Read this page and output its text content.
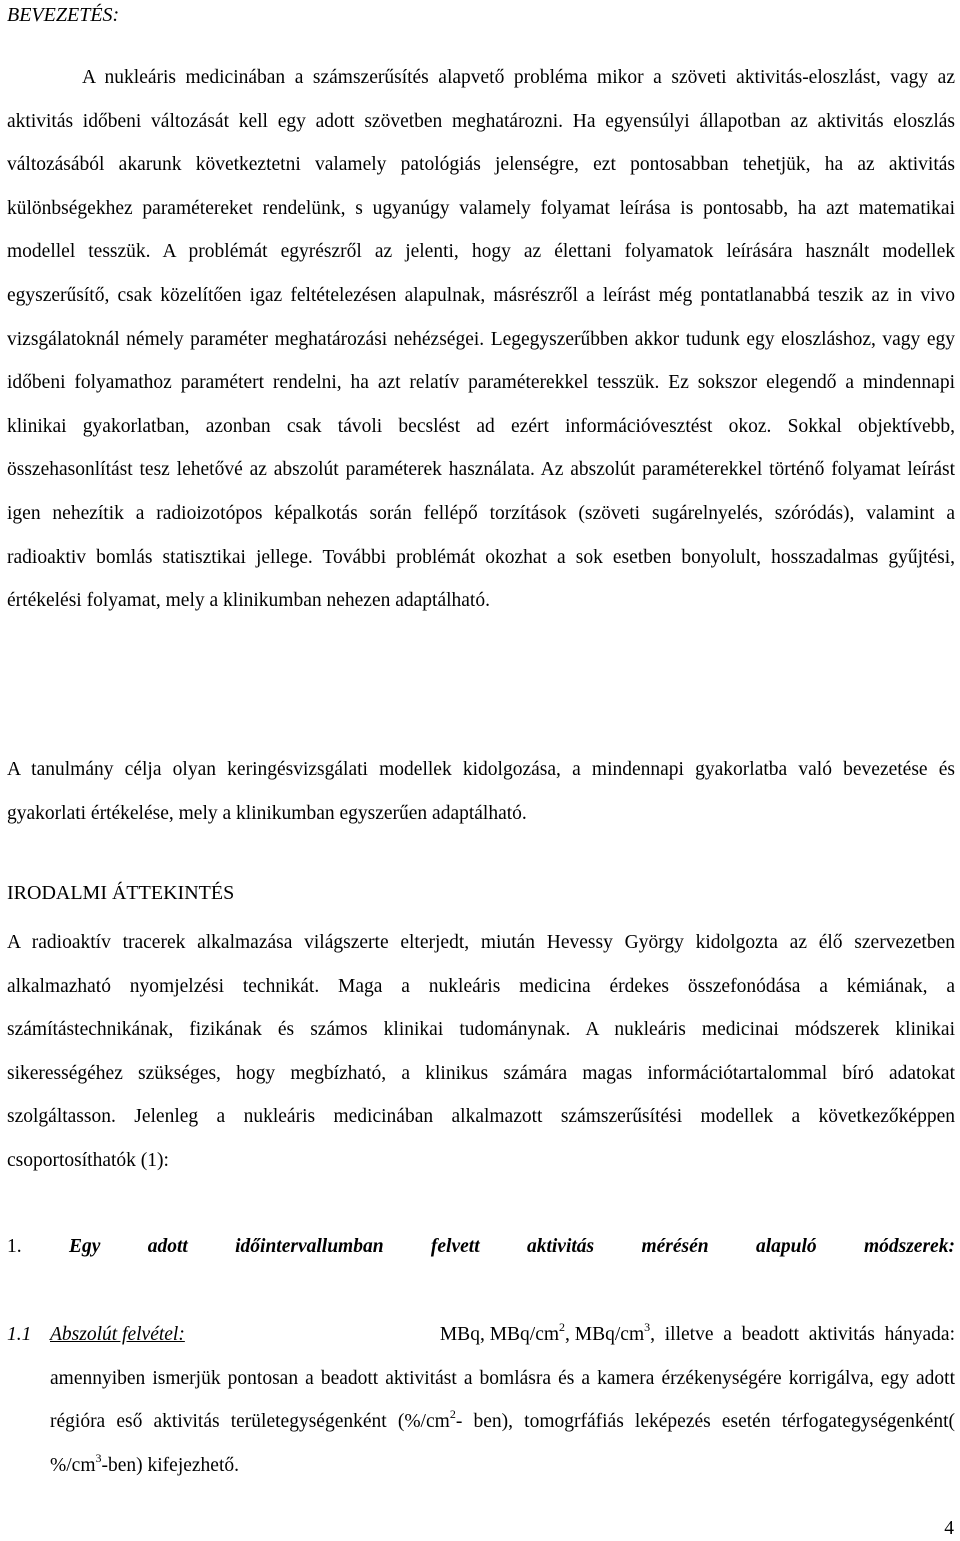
BEVEZETÉS:

A nukleáris medicinában a számszerűsítés alapvető probléma mikor a szöveti aktivitás-eloszlást, vagy az aktivitás időbeni változását kell egy adott szövetben meghatározni. Ha egyensúlyi állapotban az aktivitás eloszlás változásából akarunk következtetni valamely patológiás jelenségre, ezt pontosabban tehetjük, ha az aktivitás különbségekhez paramétereket rendelünk, s ugyanúgy valamely folyamat leírása is pontosabb, ha azt matematikai modellel tesszük. A problémát egyrészről az jelenti, hogy az élettani folyamatok leírására használt modellek egyszerűsítő, csak közelítően igaz feltételezésen alapulnak, másrészről a leírást még pontatlanabbá teszik az in vivo vizsgálatoknál némely paraméter meghatározási nehézségei. Legegyszerűbben akkor tudunk egy eloszláshoz, vagy egy időbeni folyamathoz paramétert rendelni, ha azt relatív paraméterekkel tesszük. Ez sokszor elegendő a mindennapi klinikai gyakorlatban, azonban csak távoli becslést ad ezért információvesztést okoz. Sokkal objektívebb, összehasonlítást tesz lehetővé az abszolút paraméterek használata. Az abszolút paraméterekkel történő folyamat leírást igen nehezítik a radioizotópos képalkotás során fellépő torzítások (szöveti sugárelnyelés, szóródás), valamint a radioaktiv bomlás statisztikai jellege. További problémát okozhat a sok esetben bonyolult, hosszadalmas gyűjtési, értékelési folyamat, mely a klinikumban nehezen adaptálható.

A tanulmány célja olyan keringésvizsgálati modellek kidolgozása, a mindennapi gyakorlatba való bevezetése és gyakorlati értékelése, mely a klinikumban egyszerűen adaptálható.

IRODALMI ÁTTEKINTÉS

A radioaktív tracerek alkalmazása világszerte elterjedt, miután Hevessy György kidolgozta az élő szervezetben alkalmazható nyomjelzési technikát. Maga a nukleáris medicina érdekes összefonódása a kémiának, a számítástechnikának, fizikának és számos klinikai tudománynak. A nukleáris medicinai módszerek klinikai sikerességéhez szükséges, hogy megbízható, a klinikus számára magas információtartalommal bíró adatokat szolgáltasson. Jelenleg a nukleáris medicinában alkalmazott számszerűsítési modellek a következőképpen csoportosíthatók (1):

1. Egy adott időintervallumban felvett aktivitás mérésén alapuló módszerek:
1.1 Abszolút felvétel:	MBq, MBq/$cm^2$, MBq/$cm^3$,  illetve  a  beadott  aktivitás  hányada:
amennyiben ismerjük pontosan a beadott aktivitást a bomlásra és a kamera érzékenységére korrigálva, egy adott régióra eső aktivitás területegységenként ($\%/cm^2-$ ben), tomogrfáfiás leképezés esetén térfogategységenként( $\%/cm^3-ben$) kifejezhető.
4
